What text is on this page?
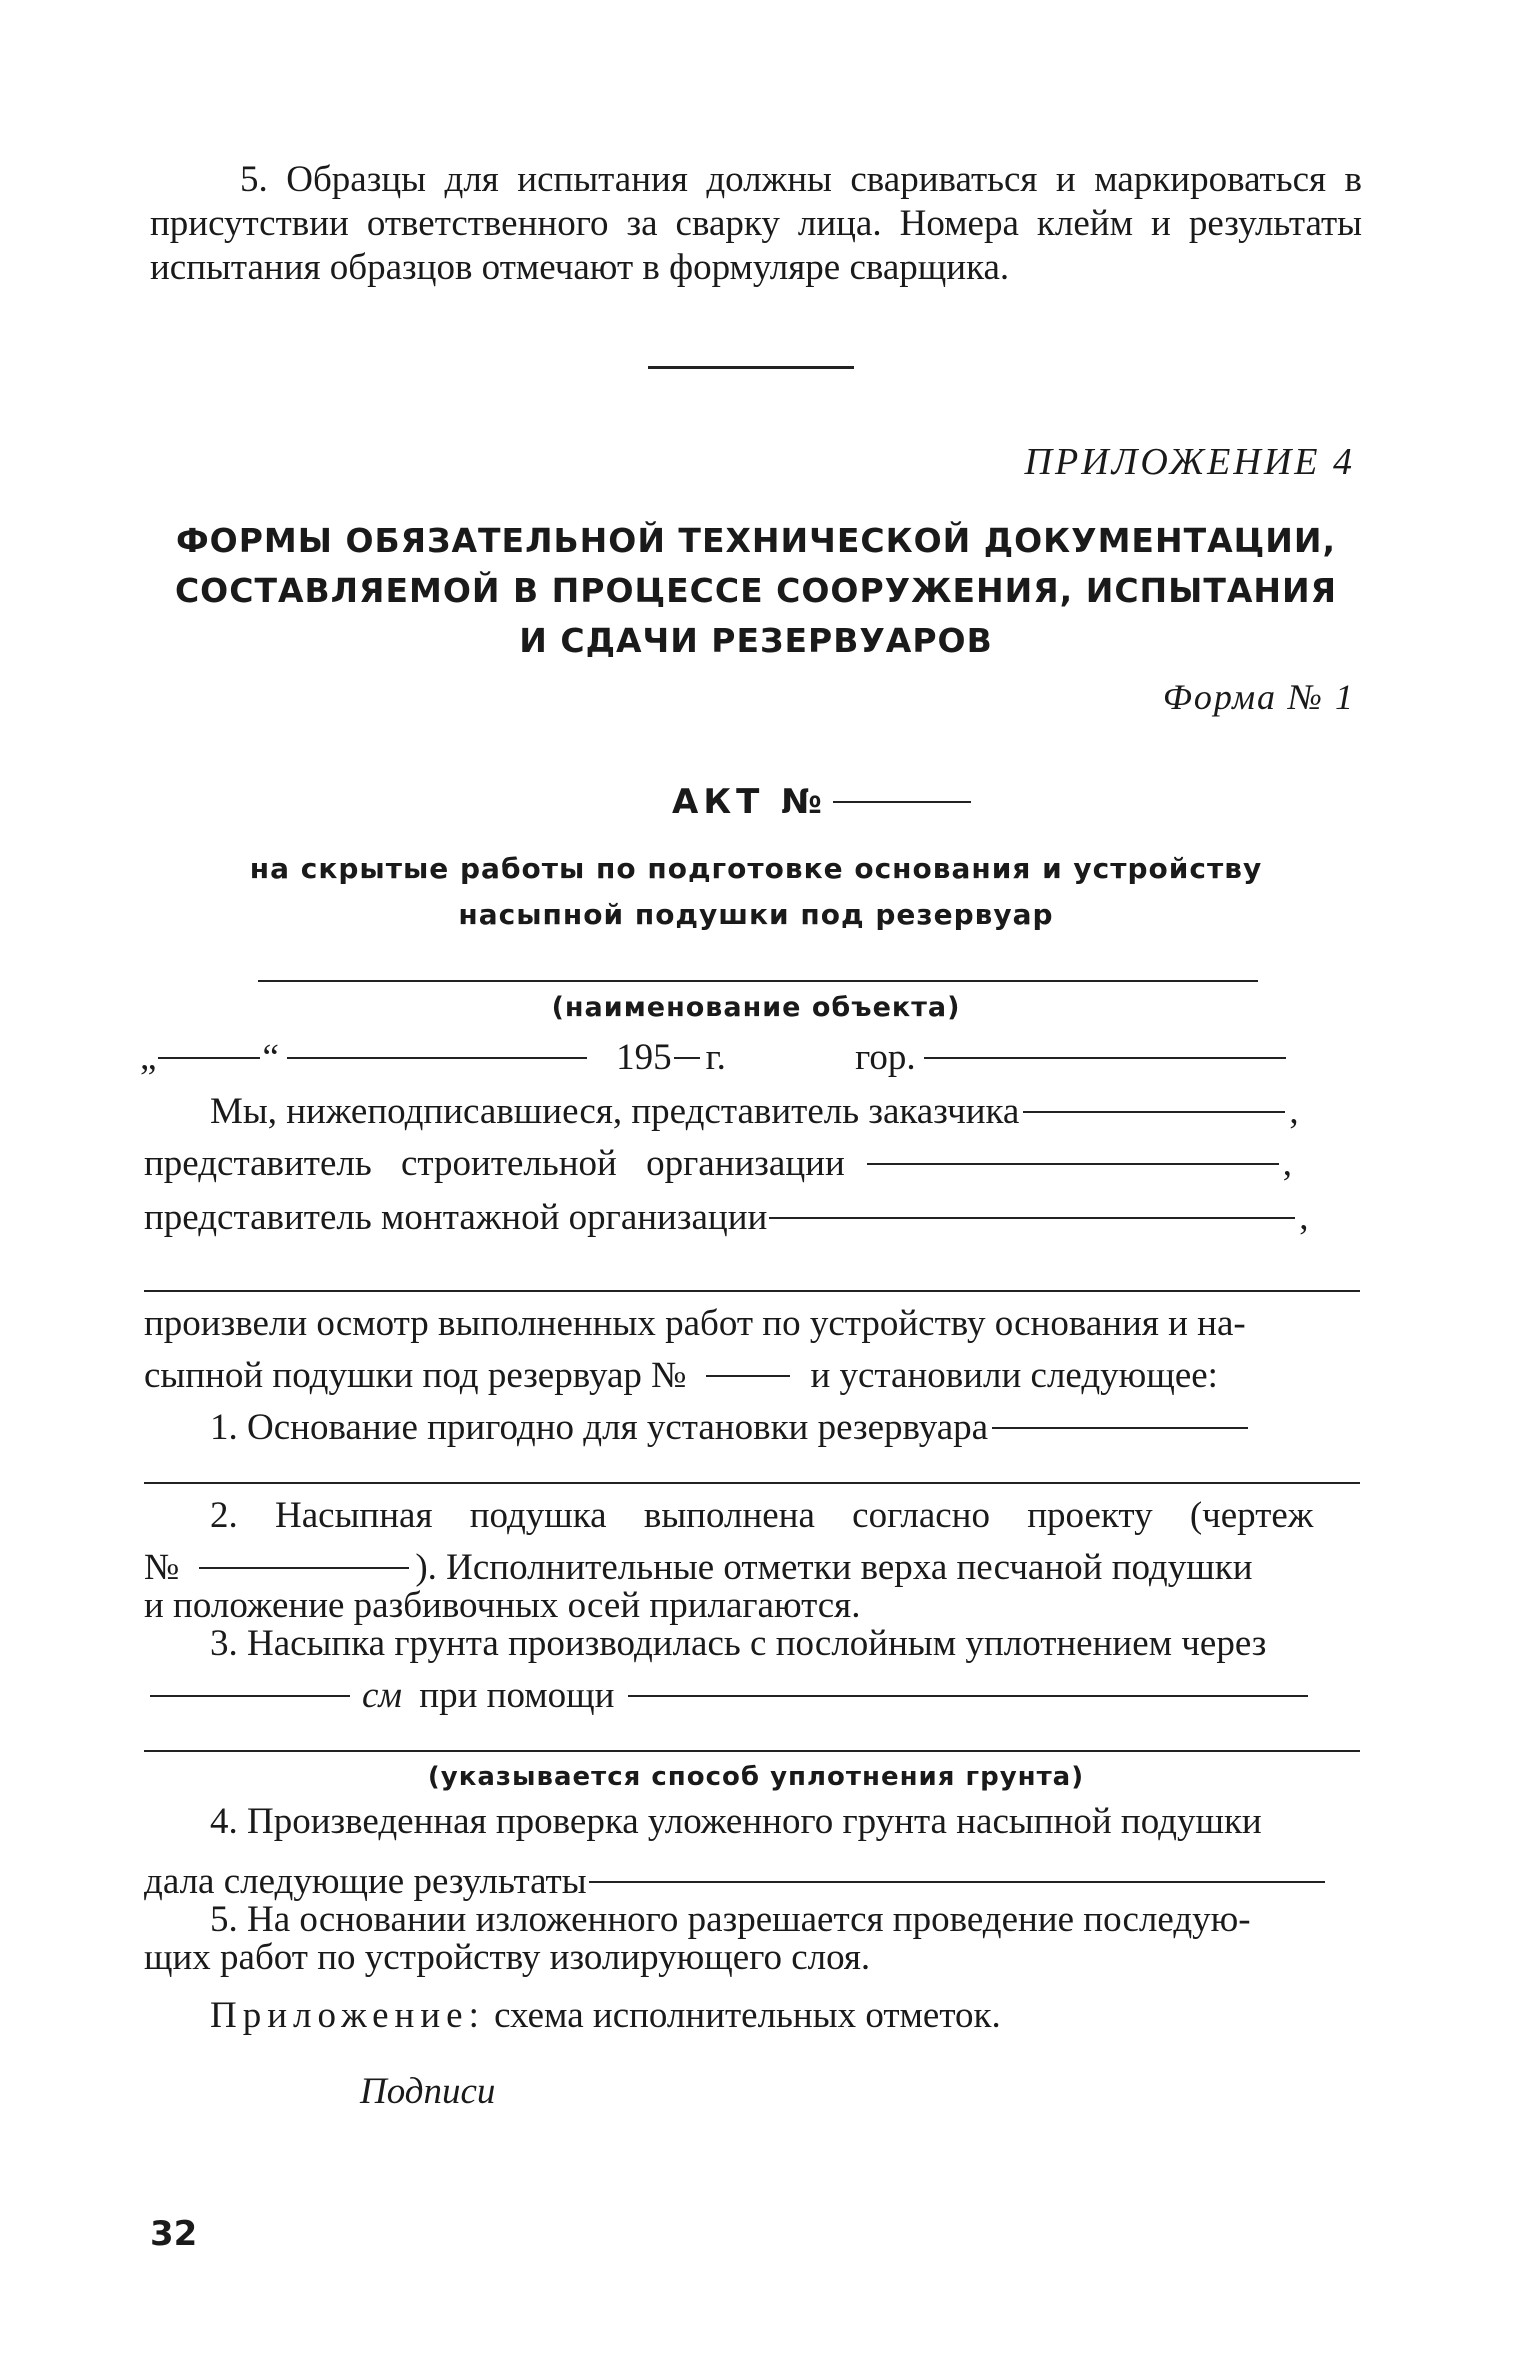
5. Образцы для испытания должны свариваться и маркироваться в присутствии ответственного за сварку лица. Номера клейм и результаты испытания образцов отмечают в формуляре сварщика.
ПРИЛОЖЕНИЕ 4
ФОРМЫ ОБЯЗАТЕЛЬНОЙ ТЕХНИЧЕСКОЙ ДОКУМЕНТАЦИИ,
СОСТАВЛЯЕМОЙ В ПРОЦЕССЕ СООРУЖЕНИЯ, ИСПЫТАНИЯ
И СДАЧИ РЕЗЕРВУАРОВ
Форма № 1
АКТ №
на скрытые работы по подготовке основания и устройству
насыпной подушки под резервуар
(наименование объекта)
„	“	195 г.	гор.
Мы, нижеподписавшиеся, представитель заказчика	,
представитель строительной организации	,
представитель монтажной организации	,
произвели осмотр выполненных работ по устройству основания и на-
сыпной подушки под резервуар №	и установили следующее:
1. Основание пригодно для установки резервуара
2. Насыпная подушка выполнена согласно проекту (чертеж
№	). Исполнительные отметки верха песчаной подушки
и положение разбивочных осей прилагаются.
3. Насыпка грунта производилась с послойным уплотнением через
см при помощи
(указывается способ уплотнения грунта)
4. Произведенная проверка уложенного грунта насыпной подушки
дала следующие результаты
5. На основании изложенного разрешается проведение последую-
щих работ по устройству изолирующего слоя.
Приложение: схема исполнительных отметок.
Подписи
32
